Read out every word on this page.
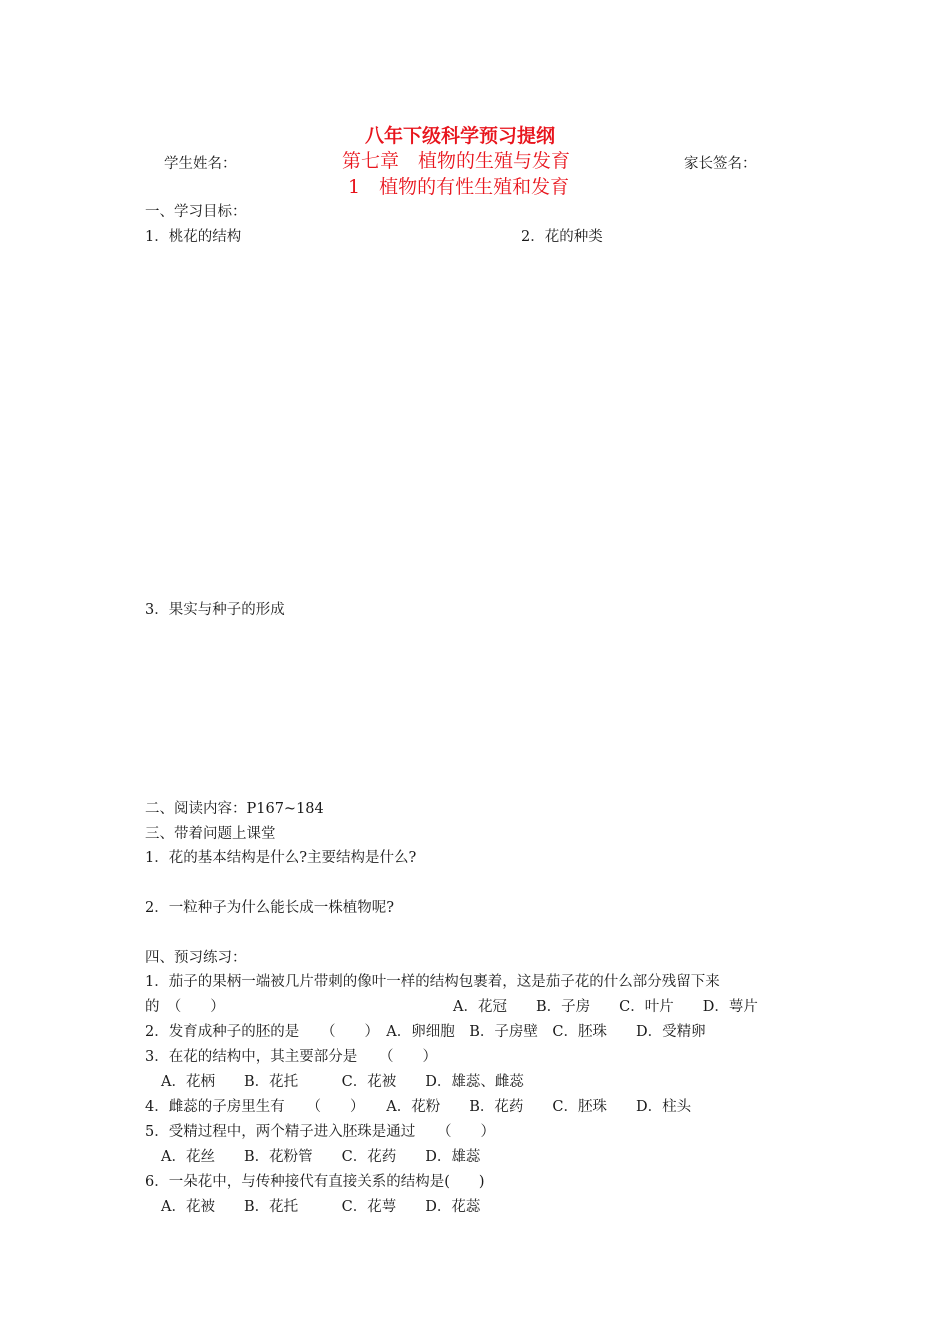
八年下级科学预习提纲
学生姓名：	第七章　植物的生殖与发育	家长签名：
1　植物的有性生殖和发育
一、学习目标：
1．桃花的结构	2．花的种类
3．果实与种子的形成
二、阅读内容：P167~184
三、带着问题上课堂
1．花的基本结构是什么?主要结构是什么?
2．一粒种子为什么能长成一株植物呢?
四、预习练习：
1．茄子的果柄一端被几片带刺的像叶一样的结构包裹着，这是茄子花的什么部分残留下来
的　（　　）	A．花冠　　B．子房　　C．叶片　　D．萼片
2．发育成种子的胚的是　　（　　）　A．卵细胞　B．子房壁　C．胚珠　　D．受精卵
3．在花的结构中，其主要部分是　　（　　）
A．花柄　　B．花托　　　C．花被　　D．雄蕊、雌蕊
4．雌蕊的子房里生有　　（　　）　　A．花粉　　B．花药　　C．胚珠　　D．柱头
5．受精过程中，两个精子进入胚珠是通过　　（　　）
A．花丝　　B．花粉管　　C．花药　　D．雄蕊
6．一朵花中，与传种接代有直接关系的结构是(　　)
A．花被　　B．花托　　　C．花萼　　D．花蕊
